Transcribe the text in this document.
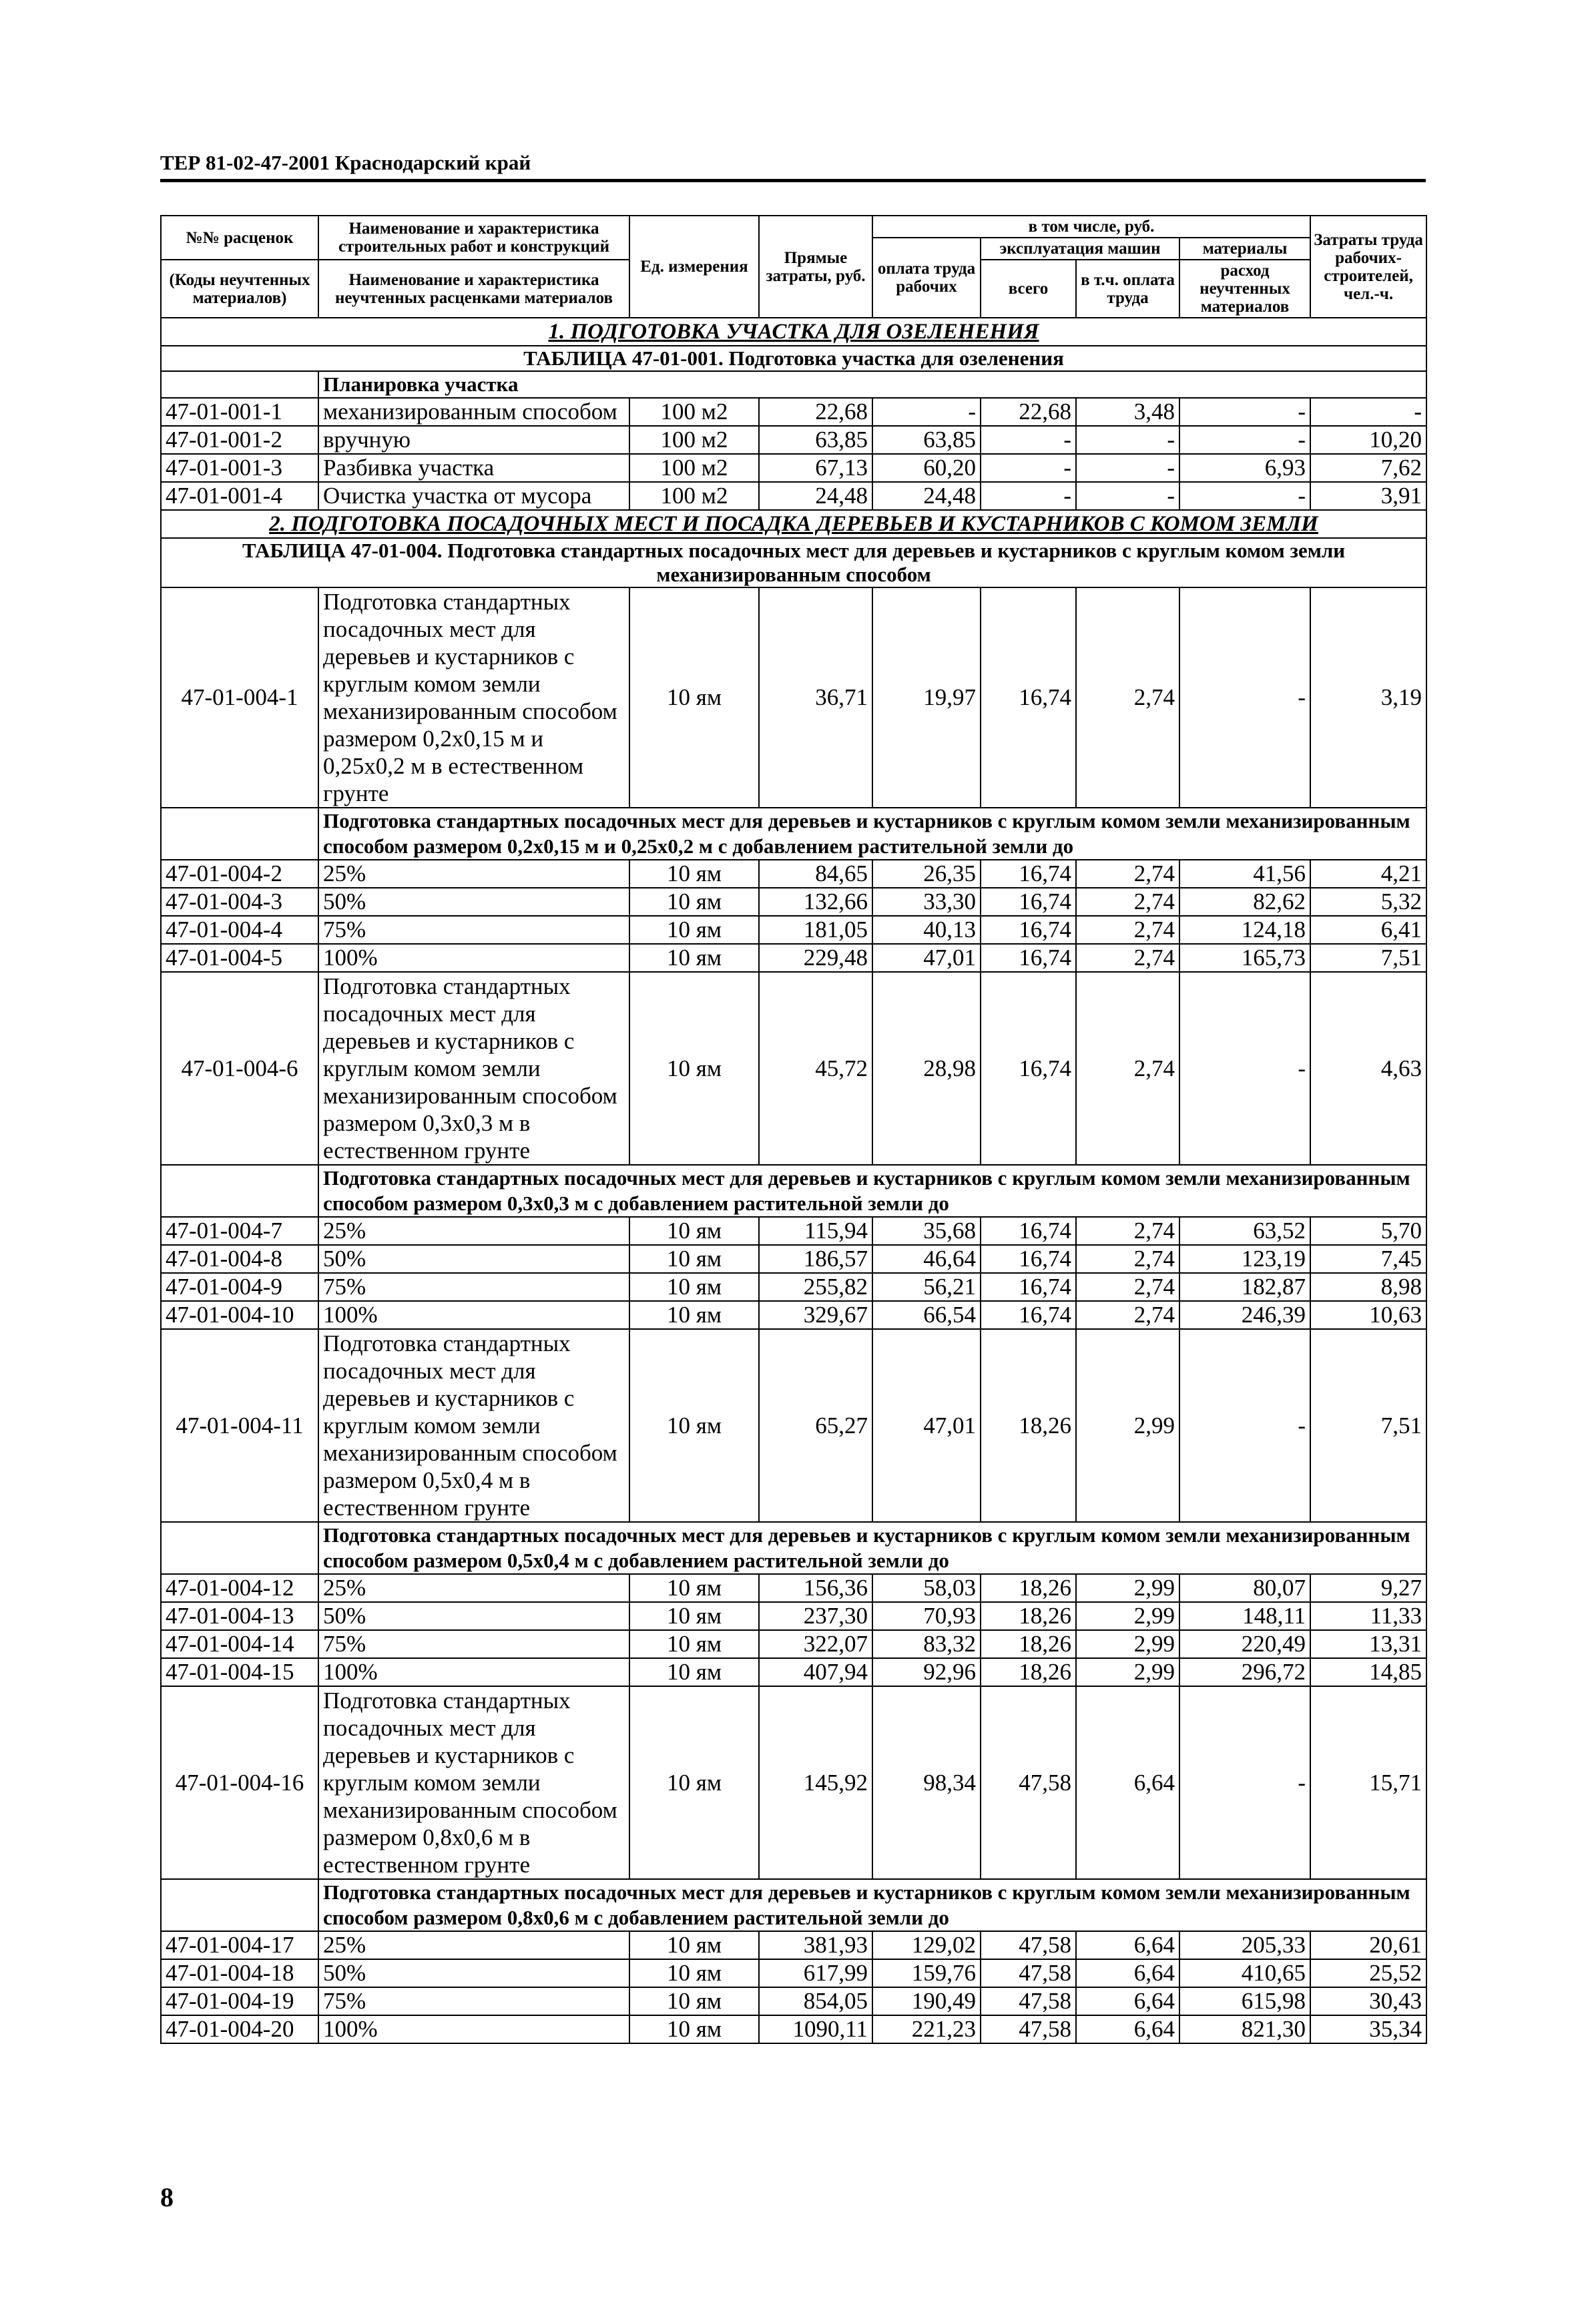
ТЕР 81-02-47-2001 Краснодарский край
№№ расценок	Наименование и характеристика строительных работ и конструкций	Ед. измерения	Прямые затраты, руб.	в том числе, руб.				Затраты труда рабочих-строителей, чел.-ч.
				оплата труда рабочих	эксплуатация машин		материалы	
(Коды неучтенных материалов)	Наименование и характеристика неучтенных расценками материалов				всего	в т.ч. оплата труда		
							расход неучтенных материалов	
1. ПОДГОТОВКА УЧАСТКА ДЛЯ ОЗЕЛЕНЕНИЯ								
ТАБЛИЦА 47-01-001. Подготовка участка для озеленения								
	Планировка участка							
47-01-001-1	механизированным способом	100 м2	22,68	-	22,68	3,48	-	-
47-01-001-2	вручную	100 м2	63,85	63,85	-	-	-	10,20
47-01-001-3	Разбивка участка	100 м2	67,13	60,20	-	-	6,93	7,62
47-01-001-4	Очистка участка от мусора	100 м2	24,48	24,48	-	-	-	3,91
2. ПОДГОТОВКА ПОСАДОЧНЫХ МЕСТ И ПОСАДКА ДЕРЕВЬЕВ И КУСТАРНИКОВ С КОМОМ ЗЕМЛИ								
ТАБЛИЦА 47-01-004. Подготовка стандартных посадочных мест для деревьев и кустарников с круглым комом земли механизированным способом								
47-01-004-1	Подготовка стандартных посадочных мест для деревьев и кустарников с круглым комом земли механизированным способом размером 0,2х0,15 м и 0,25х0,2 м в естественном грунте	10 ям	36,71	19,97	16,74	2,74	-	3,19
	Подготовка стандартных посадочных мест для деревьев и кустарников с круглым комом земли механизированным способом размером 0,2х0,15 м и 0,25х0,2 м с добавлением растительной земли до							
47-01-004-2	25%	10 ям	84,65	26,35	16,74	2,74	41,56	4,21
47-01-004-3	50%	10 ям	132,66	33,30	16,74	2,74	82,62	5,32
47-01-004-4	75%	10 ям	181,05	40,13	16,74	2,74	124,18	6,41
47-01-004-5	100%	10 ям	229,48	47,01	16,74	2,74	165,73	7,51
47-01-004-6	Подготовка стандартных посадочных мест для деревьев и кустарников с круглым комом земли механизированным способом размером 0,3х0,3 м в естественном грунте	10 ям	45,72	28,98	16,74	2,74	-	4,63
	Подготовка стандартных посадочных мест для деревьев и кустарников с круглым комом земли механизированным способом размером 0,3х0,3 м с добавлением растительной земли до							
47-01-004-7	25%	10 ям	115,94	35,68	16,74	2,74	63,52	5,70
47-01-004-8	50%	10 ям	186,57	46,64	16,74	2,74	123,19	7,45
47-01-004-9	75%	10 ям	255,82	56,21	16,74	2,74	182,87	8,98
47-01-004-10	100%	10 ям	329,67	66,54	16,74	2,74	246,39	10,63
47-01-004-11	Подготовка стандартных посадочных мест для деревьев и кустарников с круглым комом земли механизированным способом размером 0,5х0,4 м в естественном грунте	10 ям	65,27	47,01	18,26	2,99	-	7,51
	Подготовка стандартных посадочных мест для деревьев и кустарников с круглым комом земли механизированным способом размером 0,5х0,4 м с добавлением растительной земли до							
47-01-004-12	25%	10 ям	156,36	58,03	18,26	2,99	80,07	9,27
47-01-004-13	50%	10 ям	237,30	70,93	18,26	2,99	148,11	11,33
47-01-004-14	75%	10 ям	322,07	83,32	18,26	2,99	220,49	13,31
47-01-004-15	100%	10 ям	407,94	92,96	18,26	2,99	296,72	14,85
47-01-004-16	Подготовка стандартных посадочных мест для деревьев и кустарников с круглым комом земли механизированным способом размером 0,8х0,6 м в естественном грунте	10 ям	145,92	98,34	47,58	6,64	-	15,71
	Подготовка стандартных посадочных мест для деревьев и кустарников с круглым комом земли механизированным способом размером 0,8х0,6 м с добавлением растительной земли до							
47-01-004-17	25%	10 ям	381,93	129,02	47,58	6,64	205,33	20,61
47-01-004-18	50%	10 ям	617,99	159,76	47,58	6,64	410,65	25,52
47-01-004-19	75%	10 ям	854,05	190,49	47,58	6,64	615,98	30,43
47-01-004-20	100%	10 ям	1090,11	221,23	47,58	6,64	821,30	35,34
8
